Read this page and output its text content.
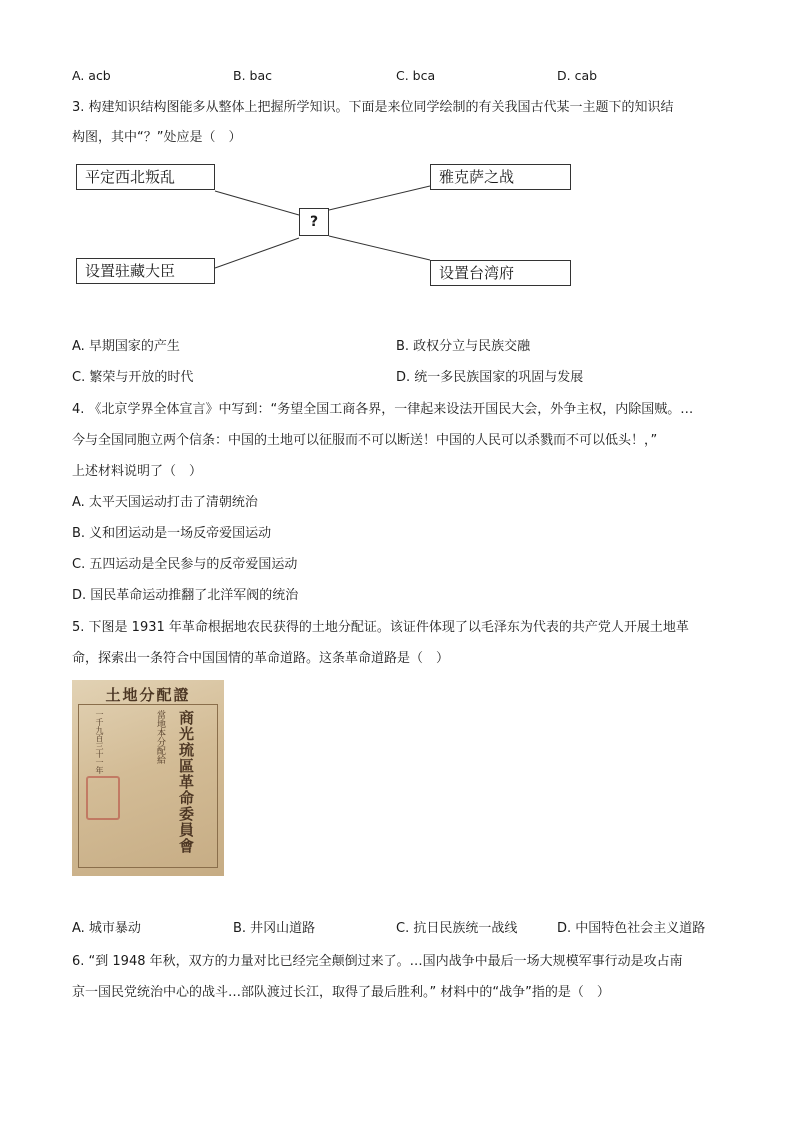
A. acb	B. bac	C. bca	D. cab
3. 构建知识结构图能多从整体上把握所学知识。下面是来位同学绘制的有关我国古代某一主题下的知识结
构图，其中“？”处应是（　）
平定西北叛乱	雅克萨之战
?
设置驻藏大臣	设置台湾府
A. 早期国家的产生	B. 政权分立与民族交融
C. 繁荣与开放的时代	D. 统一多民族国家的巩固与发展
4. 《北京学界全体宣言》中写到：“务望全国工商各界，一律起来设法开国民大会，外争主权，内除国贼。…
今与全国同胞立两个信条：中国的土地可以征服而不可以断送！中国的人民可以杀戮而不可以低头！，”
上述材料说明了（　）
A. 太平天国运动打击了清朝统治
B. 义和团运动是一场反帝爱国运动
C. 五四运动是全民参与的反帝爱国运动
D. 国民革命运动推翻了北洋军阀的统治
5. 下图是 1931 年革命根据地农民获得的土地分配证。该证件体现了以毛泽东为代表的共产党人开展土地革
命，探索出一条符合中国国情的革命道路。这条革命道路是（　）
土地分配證
商光琉區革命委員會
當地本分配給
一千九百三十一年
A. 城市暴动	B. 井冈山道路	C. 抗日民族统一战线	D. 中国特色社会主义道路
6. “到 1948 年秋，双方的力量对比已经完全颠倒过来了。…国内战争中最后一场大规模军事行动是攻占南
京一国民党统治中心的战斗…部队渡过长江，取得了最后胜利。” 材料中的“战争”指的是（　）
